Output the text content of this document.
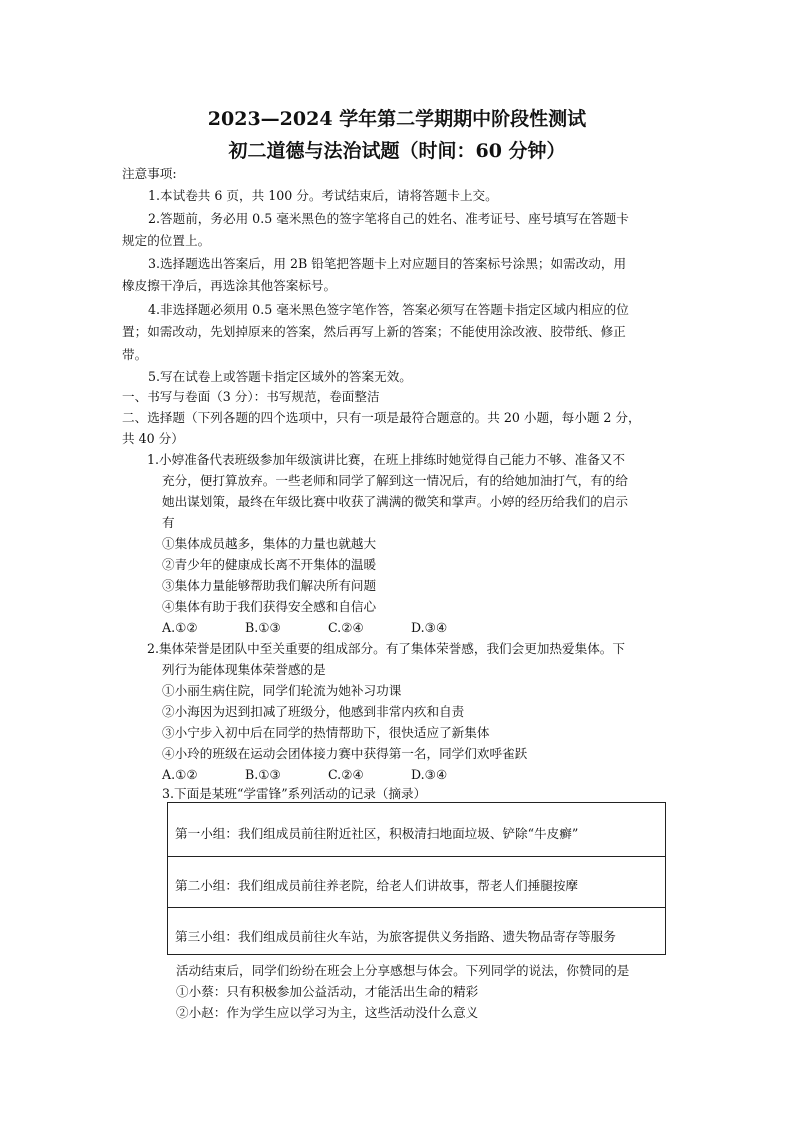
2023—2024 学年第二学期期中阶段性测试
初二道德与法治试题（时间：60 分钟）
注意事项:
1.本试卷共 6 页，共 100 分。考试结束后，请将答题卡上交。
2.答题前，务必用 0.5 毫米黑色的签字笔将自己的姓名、准考证号、座号填写在答题卡
规定的位置上。
3.选择题选出答案后，用 2B 铅笔把答题卡上对应题目的答案标号涂黑；如需改动，用
橡皮擦干净后，再选涂其他答案标号。
4.非选择题必须用 0.5 毫米黑色签字笔作答，答案必须写在答题卡指定区域内相应的位
置；如需改动，先划掉原来的答案，然后再写上新的答案；不能使用涂改液、胶带纸、修正
带。
5.写在试卷上或答题卡指定区域外的答案无效。
一、书写与卷面（3 分）：书写规范，卷面整洁
二、选择题（下列各题的四个选项中，只有一项是最符合题意的。共 20 小题，每小题 2 分，
共 40 分）
1.小婷准备代表班级参加年级演讲比赛，在班上排练时她觉得自己能力不够、准备又不
充分，便打算放弃。一些老师和同学了解到这一情况后，有的给她加油打气，有的给
她出谋划策，最终在年级比赛中收获了满满的微笑和掌声。小婷的经历给我们的启示
有
①集体成员越多，集体的力量也就越大
②青少年的健康成长离不开集体的温暖
③集体力量能够帮助我们解决所有问题
④集体有助于我们获得安全感和自信心
A.①②	B.①③	C.②④	D.③④
2.集体荣誉是团队中至关重要的组成部分。有了集体荣誉感，我们会更加热爱集体。下
列行为能体现集体荣誉感的是
①小丽生病住院，同学们轮流为她补习功课
②小海因为迟到扣减了班级分，他感到非常内疚和自责
③小宁步入初中后在同学的热情帮助下，很快适应了新集体
④小玲的班级在运动会团体接力赛中获得第一名，同学们欢呼雀跃
A.①②	B.①③	C.②④	D.③④
3.下面是某班“学雷锋”系列活动的记录（摘录）
第一小组：我们组成员前往附近社区，积极清扫地面垃圾、铲除“牛皮癣”
第二小组：我们组成员前往养老院，给老人们讲故事，帮老人们捶腿按摩
第三小组：我们组成员前往火车站，为旅客提供义务指路、遗失物品寄存等服务
活动结束后，同学们纷纷在班会上分享感想与体会。下列同学的说法，你赞同的是
①小蔡：只有积极参加公益活动，才能活出生命的精彩
②小赵：作为学生应以学习为主，这些活动没什么意义
